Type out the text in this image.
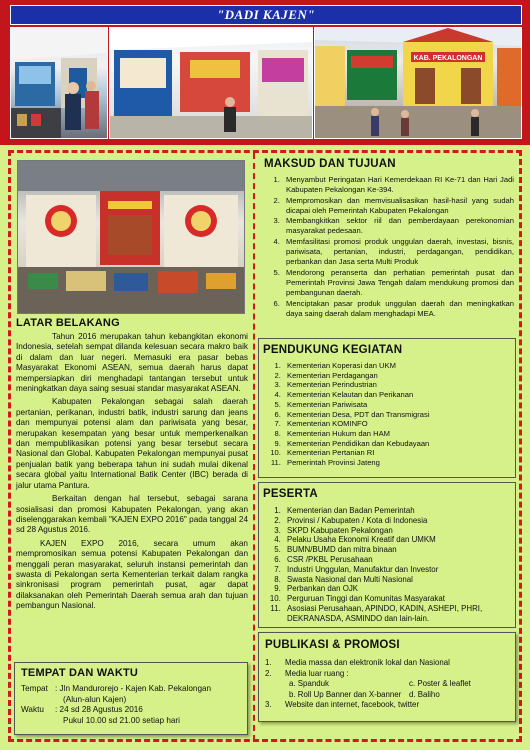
"DADI KAJEN"
KAB. PEKALONGAN
LATAR BELAKANG

Tahun 2016 merupakan tahun kebangkitan ekonomi Indonesia, setelah sempat dilanda kelesuan secara makro baik di dalam dan luar negeri. Memasuki era pasar bebas Masyarakat Ekonomi ASEAN, semua daerah harus dapat mempersiapkan diri menghadapi tantangan tersebut untuk meningkatkan daya saing sesuai standar masyarakat ASEAN.

Kabupaten Pekalongan sebagai salah daerah pertanian, perikanan, industri batik, industri sarung dan jeans dan mempunyai potensi alam dan pariwisata yang besar, merupakan kesempatan yang besar untuk memperkenalkan dan mempublikasikan potensi yang besar tersebut secara Nasional dan Global. Kabupaten Pekalongan mempunyai pusat penjualan batik yang beberapa tahun ini sudah mulai dikenal secara global yaitu International Batik Center (IBC) berada di jalur utama Pantura.

Berkaitan dengan hal tersebut, sebagai sarana sosialisasi dan promosi Kabupaten Pekalongan, yang akan diselenggarakan kembali "KAJEN EXPO 2016" pada tanggal 24 sd 28 Agustus 2016.

KAJEN EXPO 2016, secara umum akan mempromosikan semua potensi Kabupaten Pekalongan dan menggali peran masyarakat, seluruh instansi pemerintah dan swasta di Pekalongan serta Kementerian terkait dalam rangka sinkronisasi program pemerintah pusat, agar dapat dilaksanakan oleh Pemerintah Daerah semua arah dan tujuan pembangun Nasional.

TEMPAT DAN WAKTU
Tempat : Jln Mandurorejo - Kajen Kab. Pekalongan
(Alun-alun Kajen)
Waktu	: 24 sd 28 Agustus 2016
Pukul 10.00 sd 21.00 setiap hari
MAKSUD DAN TUJUAN
1. Menyambut Peringatan Hari Kemerdekaan RI Ke-71 dan Hari Jadi Kabupaten Pekalongan Ke-394.
2. Mempromosikan dan memvisualisasikan hasil-hasil yang sudah dicapai oleh Pemerintah Kabupaten Pekalongan
3. Membangkitkan sektor riil dan pemberdayaan perekonomian masyarakat pedesaan.
4. Memfasilitasi promosi produk unggulan daerah, investasi, bisnis, pariwisata, pertanian, industri, perdagangan, pendidikan, perbankan dan Jasa serta Multi Produk
5. Mendorong peranserta dan perhatian pemerintah pusat dan Pemerintah Provinsi Jawa Tengah dalam mendukung promosi dan pembangunan daerah.
6. Menciptakan pasar produk unggulan daerah dan meningkatkan daya saing daerah dalam menghadapi MEA.
PENDUKUNG KEGIATAN
1. Kementerian Koperasi dan UKM
2. Kementerian Perdagangan
3. Kementerian Perindustrian
4. Kementerian Kelautan dan Perikanan
5. Kementerian Pariwisata
6. Kementerian Desa, PDT dan Transmigrasi
7. Kementerian KOMINFO
8. Kementerian Hukum dan HAM
9. Kementerian Pendidikan dan Kebudayaan
10. Kementerian Pertanian RI
11. Pemerintah Provinsi Jateng
PESERTA
1. Kementerian dan Badan Pemerintah
2. Provinsi / Kabupaten / Kota di Indonesia
3. SKPD Kabupaten Pekalongan
4. Pelaku Usaha Ekonomi Kreatif dan UMKM
5. BUMN/BUMD dan mitra binaan
6. CSR /PKBL Perusahaan
7. Industri Unggulan, Manufaktur dan Investor
8. Swasta Nasional dan Multi Nasional
9. Perbankan dan OJK
10. Perguruan Tinggi dan Komunitas Masyarakat
11. Asosiasi Perusahaan, APINDO, KADIN, ASHEPI, PHRI, DEKRANASDA, ASMINDO dan lain-lain.
PUBLIKASI & PROMOSI
1.	Media massa dan elektronik lokal dan Nasional
2.	Media luar ruang :
a. Spanduk	c. Poster & leaflet
b. Roll Up Banner dan X-banner d. Baliho
3.	Website dan internet, facebook, twitter
